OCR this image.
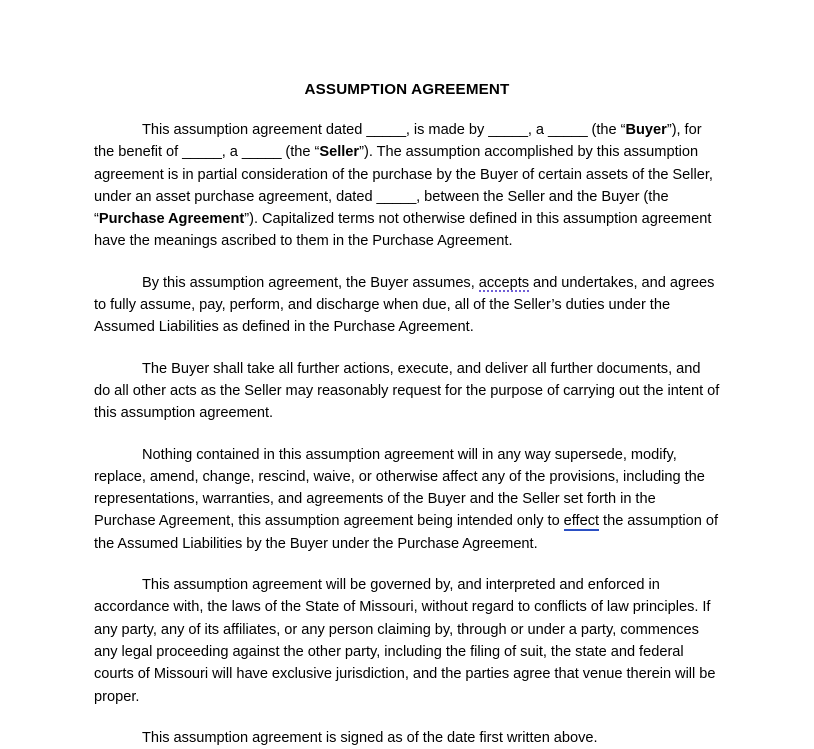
ASSUMPTION AGREEMENT

This assumption agreement dated _____, is made by _____, a _____ (the “Buyer”), for the benefit of _____, a _____ (the “Seller”). The assumption accomplished by this assumption agreement is in partial consideration of the purchase by the Buyer of certain assets of the Seller, under an asset purchase agreement, dated _____, between the Seller and the Buyer (the “Purchase Agreement”). Capitalized terms not otherwise defined in this assumption agreement have the meanings ascribed to them in the Purchase Agreement.

By this assumption agreement, the Buyer assumes, accepts and undertakes, and agrees to fully assume, pay, perform, and discharge when due, all of the Seller’s duties under the Assumed Liabilities as defined in the Purchase Agreement.

The Buyer shall take all further actions, execute, and deliver all further documents, and do all other acts as the Seller may reasonably request for the purpose of carrying out the intent of this assumption agreement.

Nothing contained in this assumption agreement will in any way supersede, modify, replace, amend, change, rescind, waive, or otherwise affect any of the provisions, including the representations, warranties, and agreements of the Buyer and the Seller set forth in the Purchase Agreement, this assumption agreement being intended only to effect the assumption of the Assumed Liabilities by the Buyer under the Purchase Agreement.

This assumption agreement will be governed by, and interpreted and enforced in accordance with, the laws of the State of Missouri, without regard to conflicts of law principles. If any party, any of its affiliates, or any person claiming by, through or under a party, commences any legal proceeding against the other party, including the filing of suit, the state and federal courts of Missouri will have exclusive jurisdiction, and the parties agree that venue therein will be proper.

This assumption agreement is signed as of the date first written above.
